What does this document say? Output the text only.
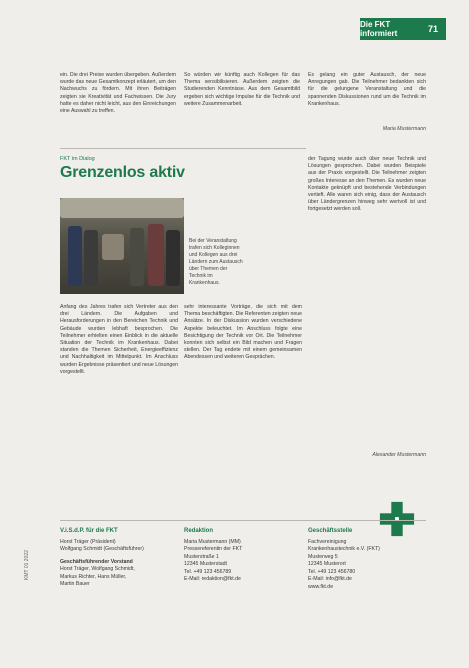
Die FKT informiert	71
ein. Die drei Preise wurden übergeben. Außerdem wurde das neue Gesamtkonzept erläutert, um den Nachwuchs zu fördern. Mit ihren Beiträgen zeigten sie Kreativität und Fachwissen. Die Jury hatte es daher nicht leicht, aus den Einreichungen eine Auswahl zu treffen.
So würden wir künftig auch Kollegen für das Thema sensibilisieren. Außerdem zeigten die Studierenden Kenntnisse. Aus dem Gesamtbild ergeben sich wichtige Impulse für die Technik und weitere Zusammenarbeit.
Es gelang ein guter Austausch, der neue Anregungen gab. Die Teilnehmer bedankten sich für die gelungene Veranstaltung und die spannenden Diskussionen rund um die Technik im Krankenhaus.
Maria Mustermann
FKT im Dialog
Grenzenlos aktiv
Bei der Veranstaltung trafen sich Kolleginnen und Kollegen aus drei Ländern zum Austausch über Themen der Technik im Krankenhaus.
der Tagung wurde auch über neue Technik und Lösungen gesprochen. Dabei wurden Beispiele aus der Praxis vorgestellt. Die Teilnehmer zeigten großes Interesse an den Themen. Es wurden neue Kontakte geknüpft und bestehende Verbindungen vertieft. Alle waren sich einig, dass der Austausch über Ländergrenzen hinweg sehr wertvoll ist und fortgesetzt werden soll.
Anfang des Jahres trafen sich Vertreter aus den drei Ländern. Die Aufgaben und Herausforderungen in den Bereichen Technik und Gebäude wurden lebhaft besprochen. Die Teilnehmer erhielten einen Einblick in die aktuelle Situation der Technik im Krankenhaus. Dabei standen die Themen Sicherheit, Energieeffizienz und Nachhaltigkeit im Mittelpunkt. Im Anschluss wurden Ergebnisse präsentiert und neue Lösungen vorgestellt.
sehr interessante Vorträge, die sich mit dem Thema beschäftigten. Die Referenten zeigten neue Ansätze. In der Diskussion wurden verschiedene Aspekte beleuchtet. Im Anschluss folgte eine Besichtigung der Technik vor Ort. Die Teilnehmer konnten sich selbst ein Bild machen und Fragen stellen. Der Tag endete mit einem gemeinsamen Abendessen und weiteren Gesprächen.
Alexander Mustermann
V.i.S.d.P. für die FKT
Horst Träger (Präsident)
Wolfgang Schmidt (Geschäftsführer)
Geschäftsführender Vorstand
Horst Träger, Wolfgang Schmidt,
Markus Richter, Hans Müller,
Martin Bauer
Redaktion
Maria Mustermann (MM)
Pressereferentin der FKT
Musterstraße 1
12345 Musterstadt
Tel. +49 123 456789
E-Mail: redaktion@fkt.de
Geschäftsstelle
Fachvereinigung
Krankenhaustechnik e.V. (FKT)
Musterweg 5
12345 Musterort
Tel. +49 123 456780
E-Mail: info@fkt.de
www.fkt.de
KMT 01 2022
